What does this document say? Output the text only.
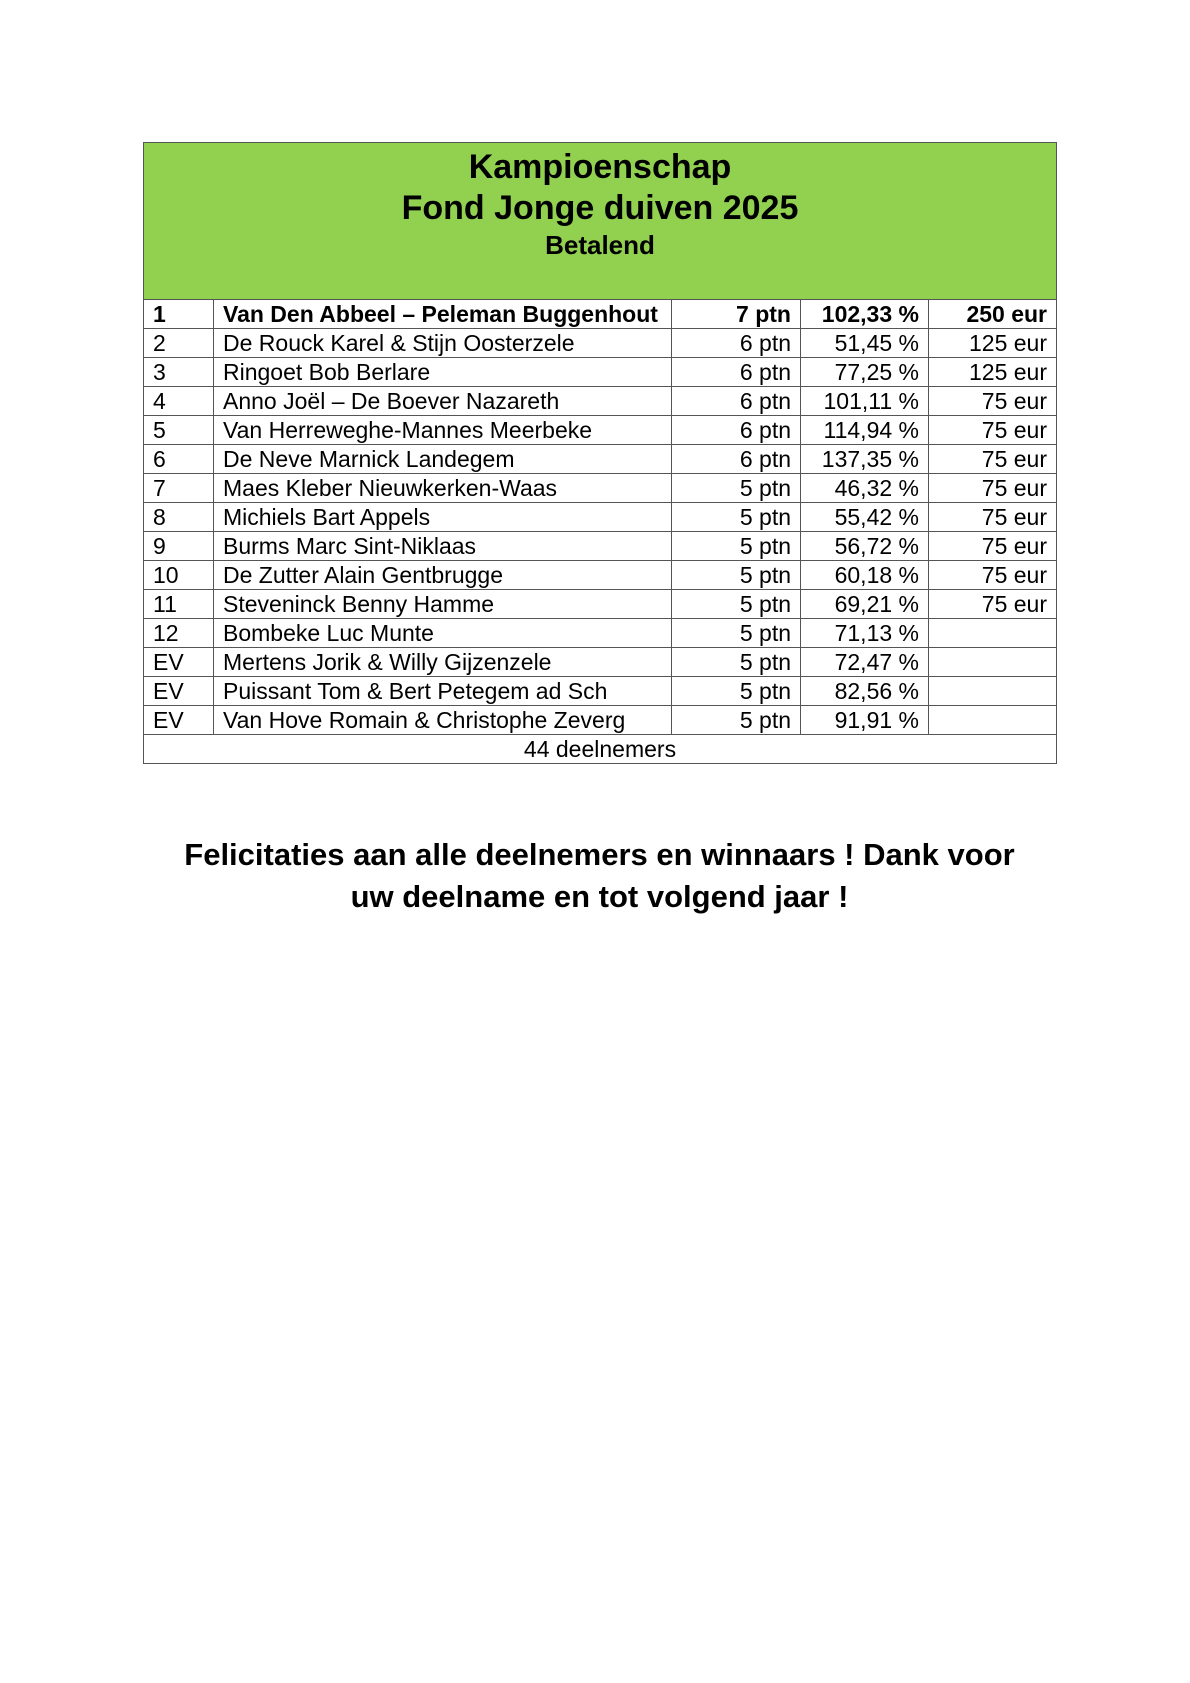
Kampioenschap
Fond Jonge duiven 2025
Betalend				

1	Van Den Abbeel – Peleman Buggenhout	7 ptn	102,33 %	250 eur
2	De Rouck Karel & Stijn Oosterzele	6 ptn	51,45 %	125 eur
3	Ringoet Bob Berlare	6 ptn	77,25 %	125 eur
4	Anno Joël – De Boever Nazareth	6 ptn	101,11 %	75 eur
5	Van Herreweghe-Mannes Meerbeke	6 ptn	114,94 %	75 eur
6	De Neve Marnick Landegem	6 ptn	137,35 %	75 eur
7	Maes Kleber Nieuwkerken-Waas	5 ptn	46,32 %	75 eur
8	Michiels Bart Appels	5 ptn	55,42 %	75 eur
9	Burms Marc Sint-Niklaas	5 ptn	56,72 %	75 eur
10	De Zutter Alain Gentbrugge	5 ptn	60,18 %	75 eur
11	Steveninck Benny Hamme	5 ptn	69,21 %	75 eur
12	Bombeke Luc Munte	5 ptn	71,13 %	
EV	Mertens Jorik & Willy Gijzenzele	5 ptn	72,47 %	
EV	Puissant Tom & Bert Petegem ad Sch	5 ptn	82,56 %	
EV	Van Hove Romain & Christophe Zeverg	5 ptn	91,91 %	
44 deelnemers				
Felicitaties aan alle deelnemers en winnaars ! Dank voor
uw deelname en tot volgend jaar !
